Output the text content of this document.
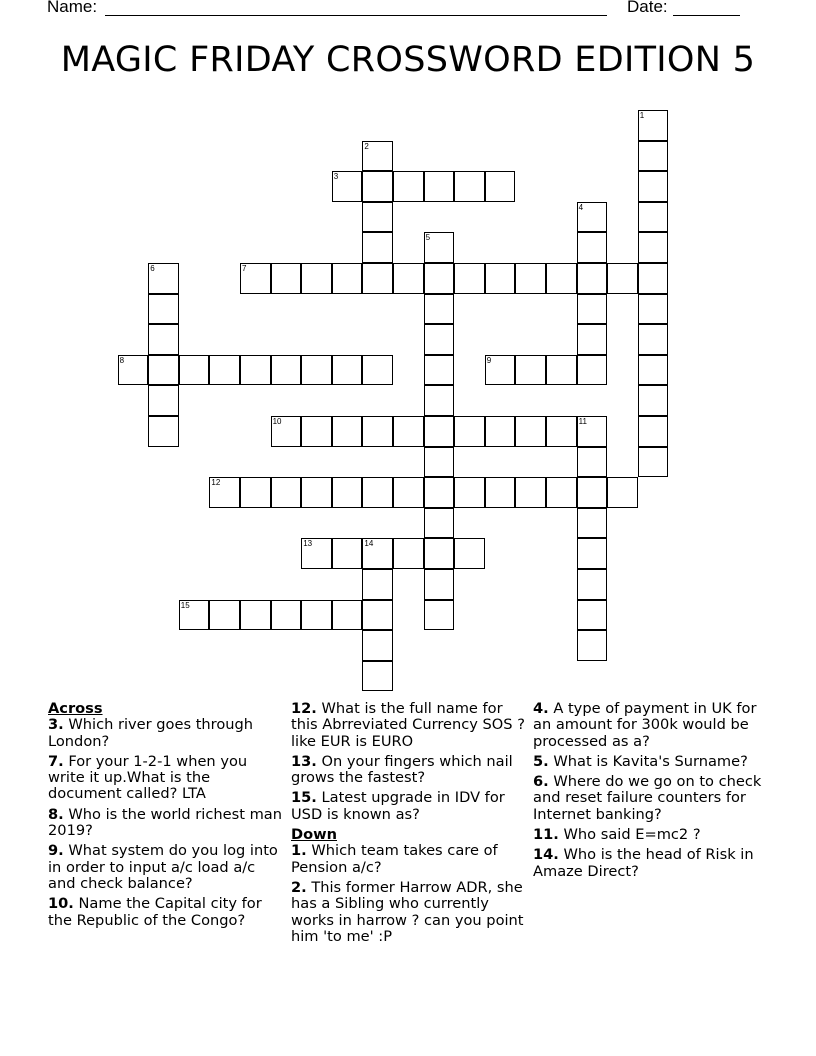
Name:	Date:
MAGIC FRIDAY CROSSWORD EDITION 5
1
2
3
4
5
6	7
8	9
10	11
12
13	14
15

Across

3. Which river goes through London?

7. For your 1-2-1 when you write it up.What is the document called? LTA

8. Who is the world richest man 2019?

9. What system do you log into in order to input a/c load a/c and check balance?

10. Name the Capital city for the Republic of the Congo?

12. What is the full name for this Abrreviated Currency SOS ? like EUR is EURO

13. On your fingers which nail grows the fastest?

15. Latest upgrade in IDV for USD is known as?

Down

1. Which team takes care of Pension a/c?

2. This former Harrow ADR, she has a Sibling who currently works in harrow ? can you point him 'to me' :P

4. A type of payment in UK for an amount for 300k would be processed as a?

5. What is Kavita's Surname?

6. Where do we go on to check and reset failure counters for Internet banking?

11. Who said E=mc2 ?

14. Who is the head of Risk in Amaze Direct?
